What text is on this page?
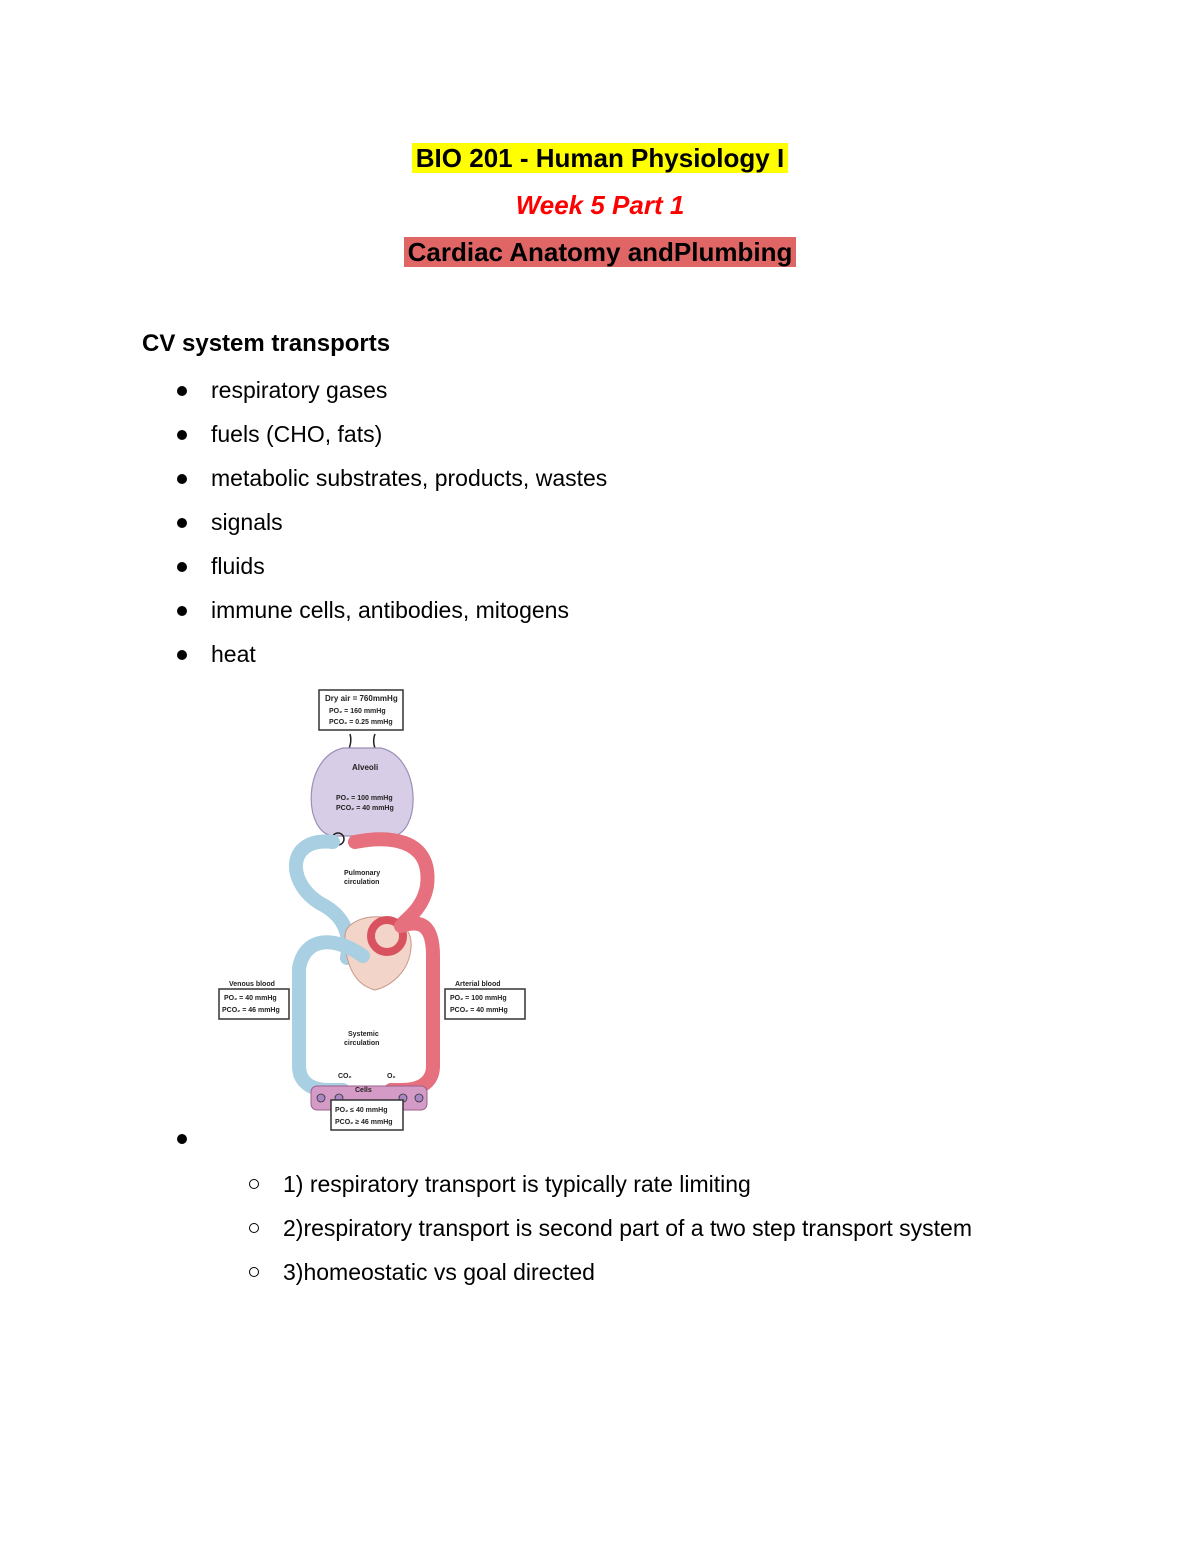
BIO 201 - Human Physiology I
Week 5 Part 1
Cardiac Anatomy andPlumbing
CV system transports
respiratory gases
fuels (CHO, fats)
metabolic substrates, products, wastes
signals
fluids
immune cells, antibodies, mitogens
heat
Dry air = 760mmHg
PO₂ = 160 mmHg
PCO₂ = 0.25 mmHg
Alveoli
PO₂ = 100 mmHg
PCO₂ = 40 mmHg
Pulmonary
circulation
Systemic
circulation
Venous blood
PO₂ = 40 mmHg
PCO₂ = 46 mmHg
Arterial blood
PO₂ = 100 mmHg
PCO₂ = 40 mmHg
CO₂	O₂
Cells
PO₂ ≤ 40 mmHg
PCO₂ ≥ 46 mmHg
1) respiratory transport is typically rate limiting
2)respiratory transport is second part of a two step transport system
3)homeostatic vs goal directed
